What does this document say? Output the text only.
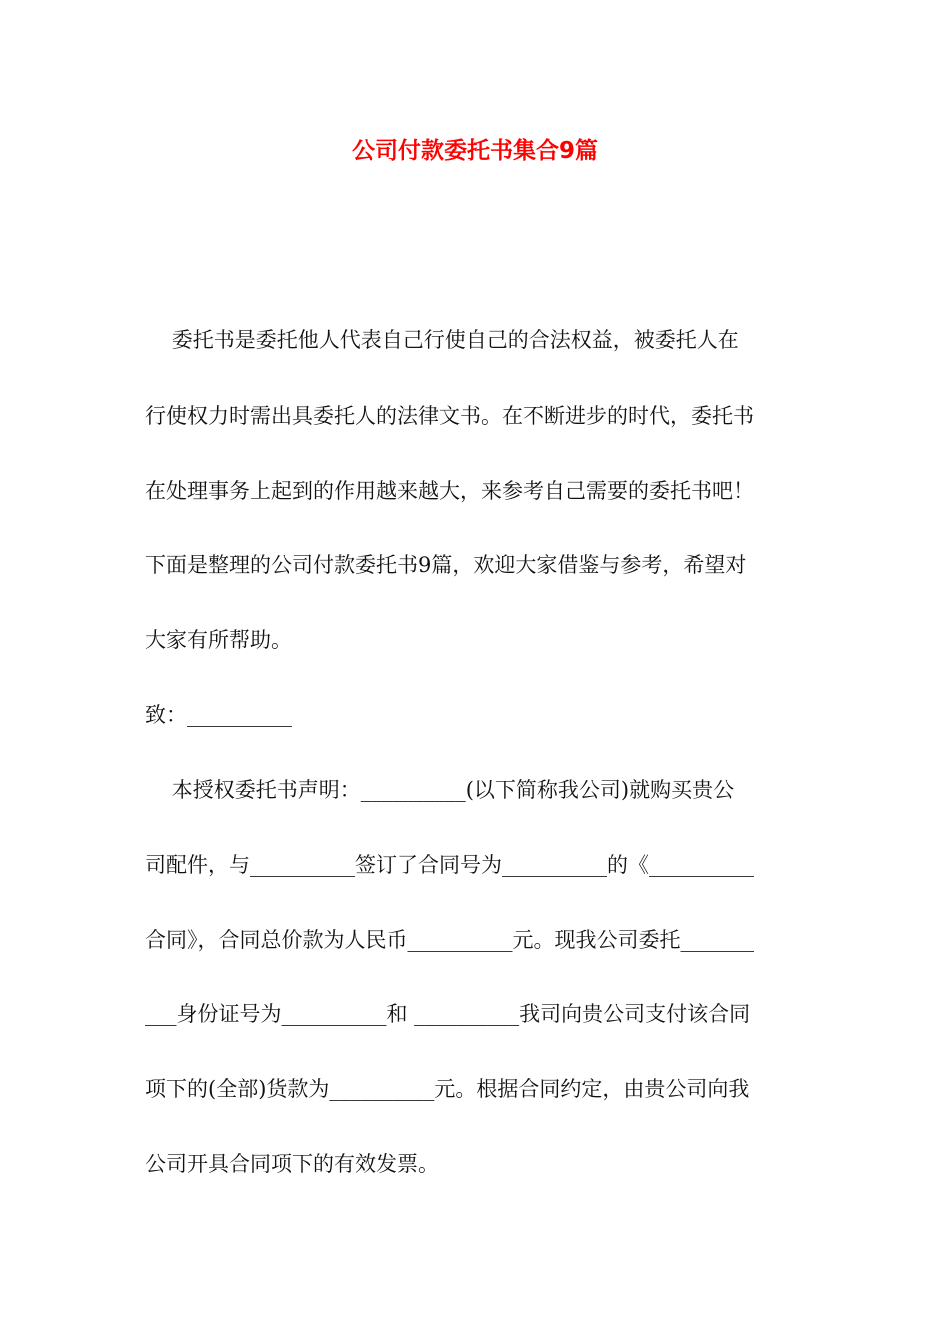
公司付款委托书集合9篇

委托书是委托他人代表自己行使自己的合法权益，被委托人在

行使权力时需出具委托人的法律文书。在不断进步的时代，委托书

在处理事务上起到的作用越来越大，来参考自己需要的委托书吧！

下面是整理的公司付款委托书9篇，欢迎大家借鉴与参考，希望对

大家有所帮助。

致：__________

本授权委托书声明：__________(以下简称我公司)就购买贵公

司配件，与__________签订了合同号为__________的《__________

合同》，合同总价款为人民币__________元。现我公司委托_______

___身份证号为__________和 __________我司向贵公司支付该合同

项下的(全部)货款为__________元。根据合同约定，由贵公司向我

公司开具合同项下的有效发票。
